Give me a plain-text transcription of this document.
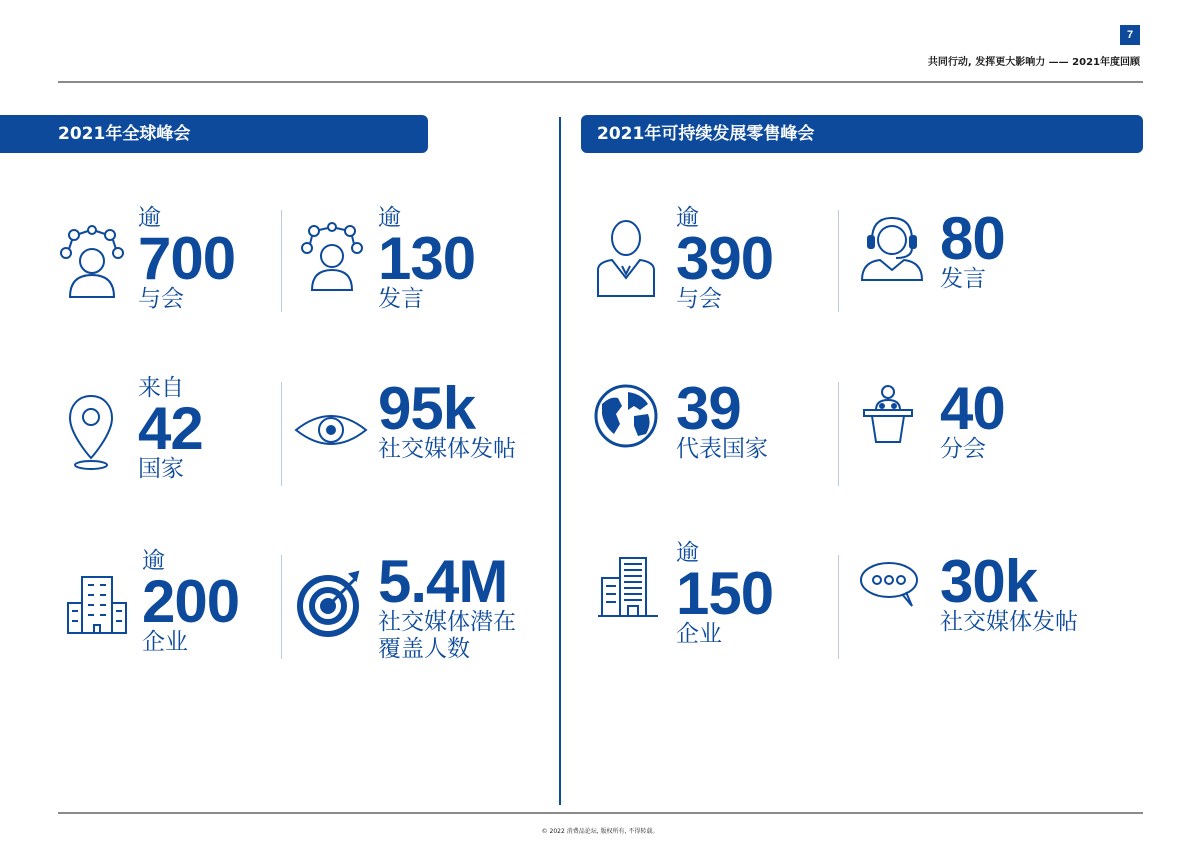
7
共同行动, 发挥更大影响力 —— 2021年度回顾
2021年全球峰会	2021年可持续发展零售峰会
逾
700
与会
逾
130
发言
来自
42
国家
95k
社交媒体发帖
逾
200
企业
5.4M
社交媒体潜在
覆盖人数
逾
390
与会
80
发言
39
代表国家
40
分会
逾
150
企业
30k
社交媒体发帖
© 2022 消费品论坛, 版权所有, 不得转载。
